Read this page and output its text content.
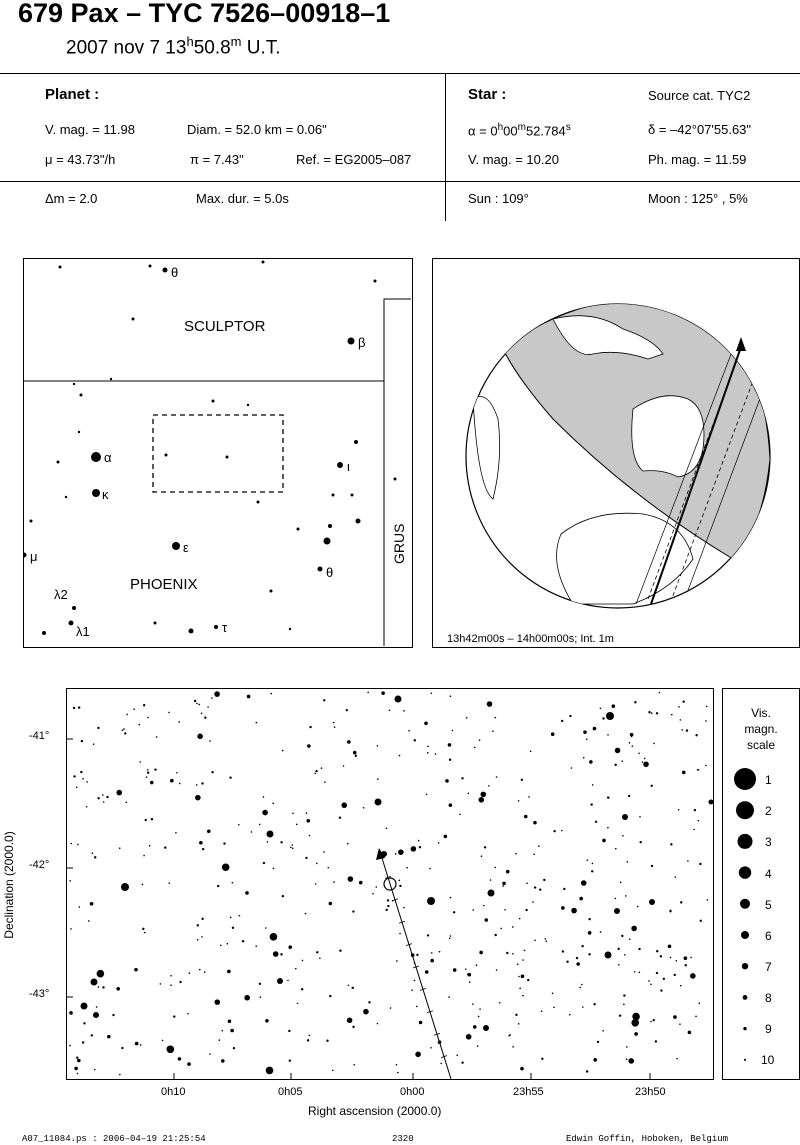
679 Pax – TYC 7526–00918–1
2007 nov 7 13$^h$50.8$^m$ U.T.
Planet :
V. mag. = 11.98	Diam. = 52.0 km = 0.06"
μ = 43.73"/h	π = 7.43"	Ref. = EG2005–087
Δm = 2.0	Max. dur. = 5.0s
Star :	Source cat. TYC2
$\alpha = 0^h00^m52.784^s$	δ = –42°07'55.63"
V. mag. = 10.20	Ph. mag. = 11.59
Sun : 109°	Moon : 125° , 5%
SCULPTOR
PHOENIX
GRUS
θ
β
α
κ
ι
ε
θ
μ
λ2
λ1	τ
13h42m00s – 14h00m00s; Int. 1m
-41°
-42°
-43°
0h10	0h05	0h00	23h55	23h50
Right ascension (2000.0)
Declination (2000.0)
Vis.
magn.
scale
1
2
3
4
5
6
7
8
9
10
A07_11084.ps : 2006–04–19 21:25:54	2320	Edwin Goffin, Hoboken, Belgium
